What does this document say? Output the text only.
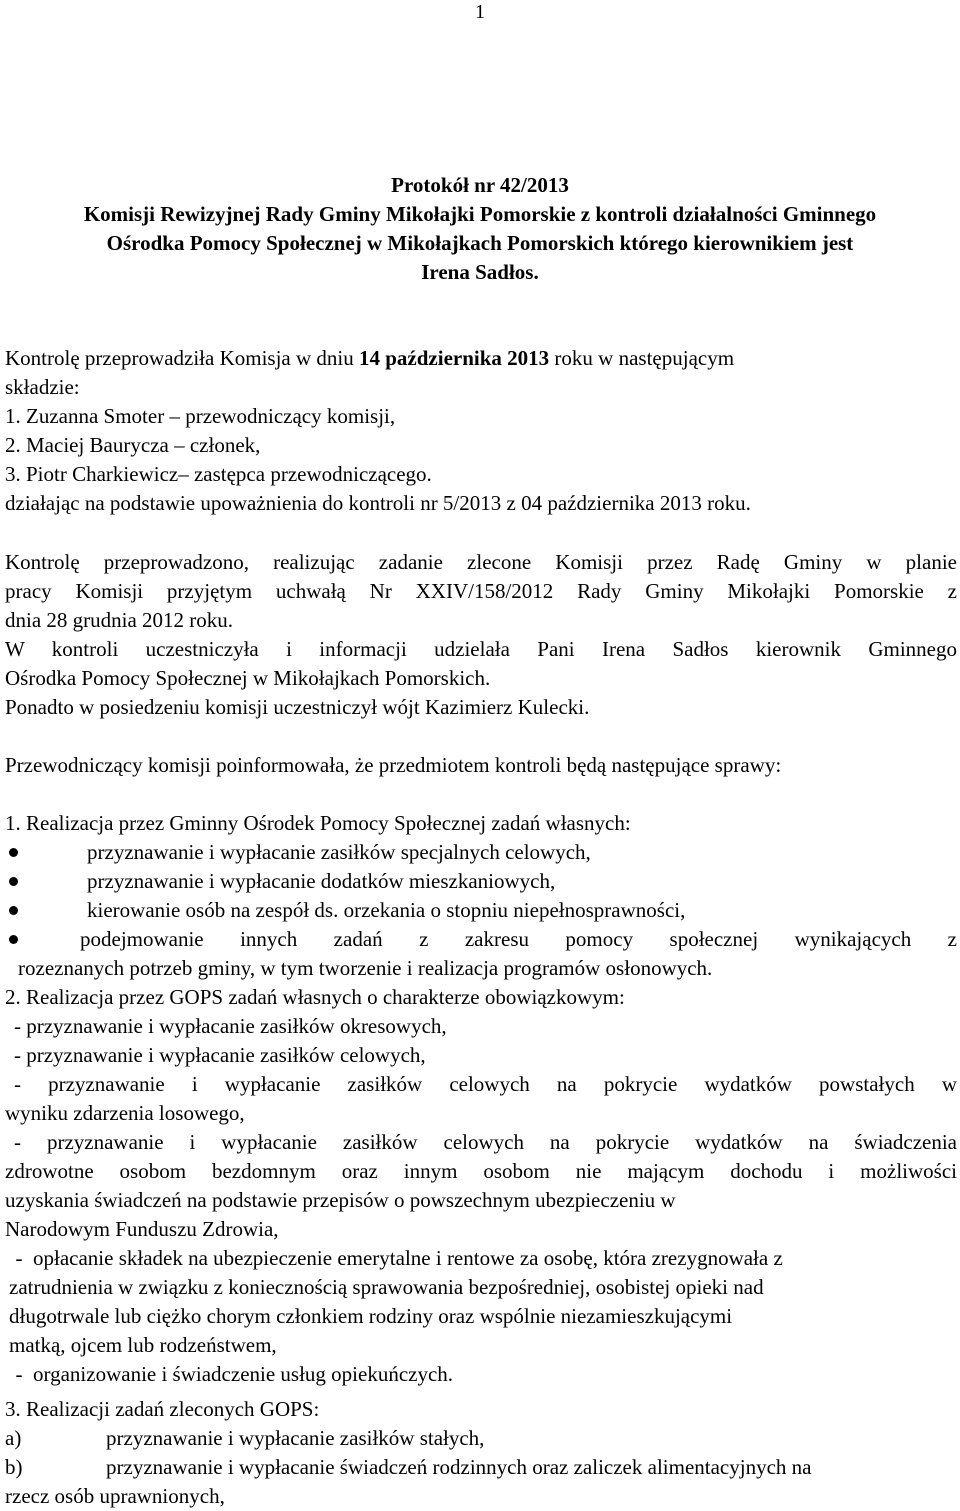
1
Protokół nr 42/2013
Komisji Rewizyjnej Rady Gminy Mikołajki Pomorskie z kontroli działalności Gminnego
Ośrodka Pomocy Społecznej w Mikołajkach Pomorskich którego kierownikiem jest
Irena Sadłos.
Kontrolę przeprowadziła Komisja w dniu 14 października 2013 roku w następującym
składzie:
1. Zuzanna Smoter – przewodniczący komisji,
2. Maciej Baurycza – członek,
3. Piotr Charkiewicz– zastępca przewodniczącego.
działając na podstawie upoważnienia do kontroli nr 5/2013 z 04 października 2013 roku.
Kontrolę przeprowadzono, realizując zadanie zlecone Komisji przez Radę Gminy w planie
pracy Komisji przyjętym uchwałą Nr XXIV/158/2012 Rady Gminy Mikołajki Pomorskie z
dnia 28 grudnia 2012 roku.
W kontroli uczestniczyła i informacji udzielała Pani Irena Sadłos kierownik Gminnego
Ośrodka Pomocy Społecznej w Mikołajkach Pomorskich.
Ponadto w posiedzeniu komisji uczestniczył wójt Kazimierz Kulecki.
Przewodniczący komisji poinformowała, że przedmiotem kontroli będą następujące sprawy:
1. Realizacja przez Gminny Ośrodek Pomocy Społecznej zadań własnych:
przyznawanie i wypłacanie zasiłków specjalnych celowych,
przyznawanie i wypłacanie dodatków mieszkaniowych,
kierowanie osób na zespół ds. orzekania o stopniu niepełnosprawności,
podejmowanie innych zadań z zakresu pomocy społecznej wynikających z
rozeznanych potrzeb gminy, w tym tworzenie i realizacja programów osłonowych.
2. Realizacja przez GOPS zadań własnych o charakterze obowiązkowym:
- przyznawanie i wypłacanie zasiłków okresowych,
- przyznawanie i wypłacanie zasiłków celowych,
- przyznawanie i wypłacanie zasiłków celowych na pokrycie wydatków powstałych w
wyniku zdarzenia losowego,
- przyznawanie i wypłacanie zasiłków celowych na pokrycie wydatków na świadczenia
zdrowotne osobom bezdomnym oraz innym osobom nie mającym dochodu i możliwości
uzyskania świadczeń na podstawie przepisów o powszechnym ubezpieczeniu w
Narodowym Funduszu Zdrowia,
-  opłacanie składek na ubezpieczenie emerytalne i rentowe za osobę, która zrezygnowała z
zatrudnienia w związku z koniecznością sprawowania bezpośredniej, osobistej opieki nad
długotrwale lub ciężko chorym członkiem rodziny oraz wspólnie niezamieszkującymi
matką, ojcem lub rodzeństwem,
-  organizowanie i świadczenie usług opiekuńczych.
3. Realizacji zadań zleconych GOPS:
a)	przyznawanie i wypłacanie zasiłków stałych,
b)	przyznawanie i wypłacanie świadczeń rodzinnych oraz zaliczek alimentacyjnych na
rzecz osób uprawnionych,
